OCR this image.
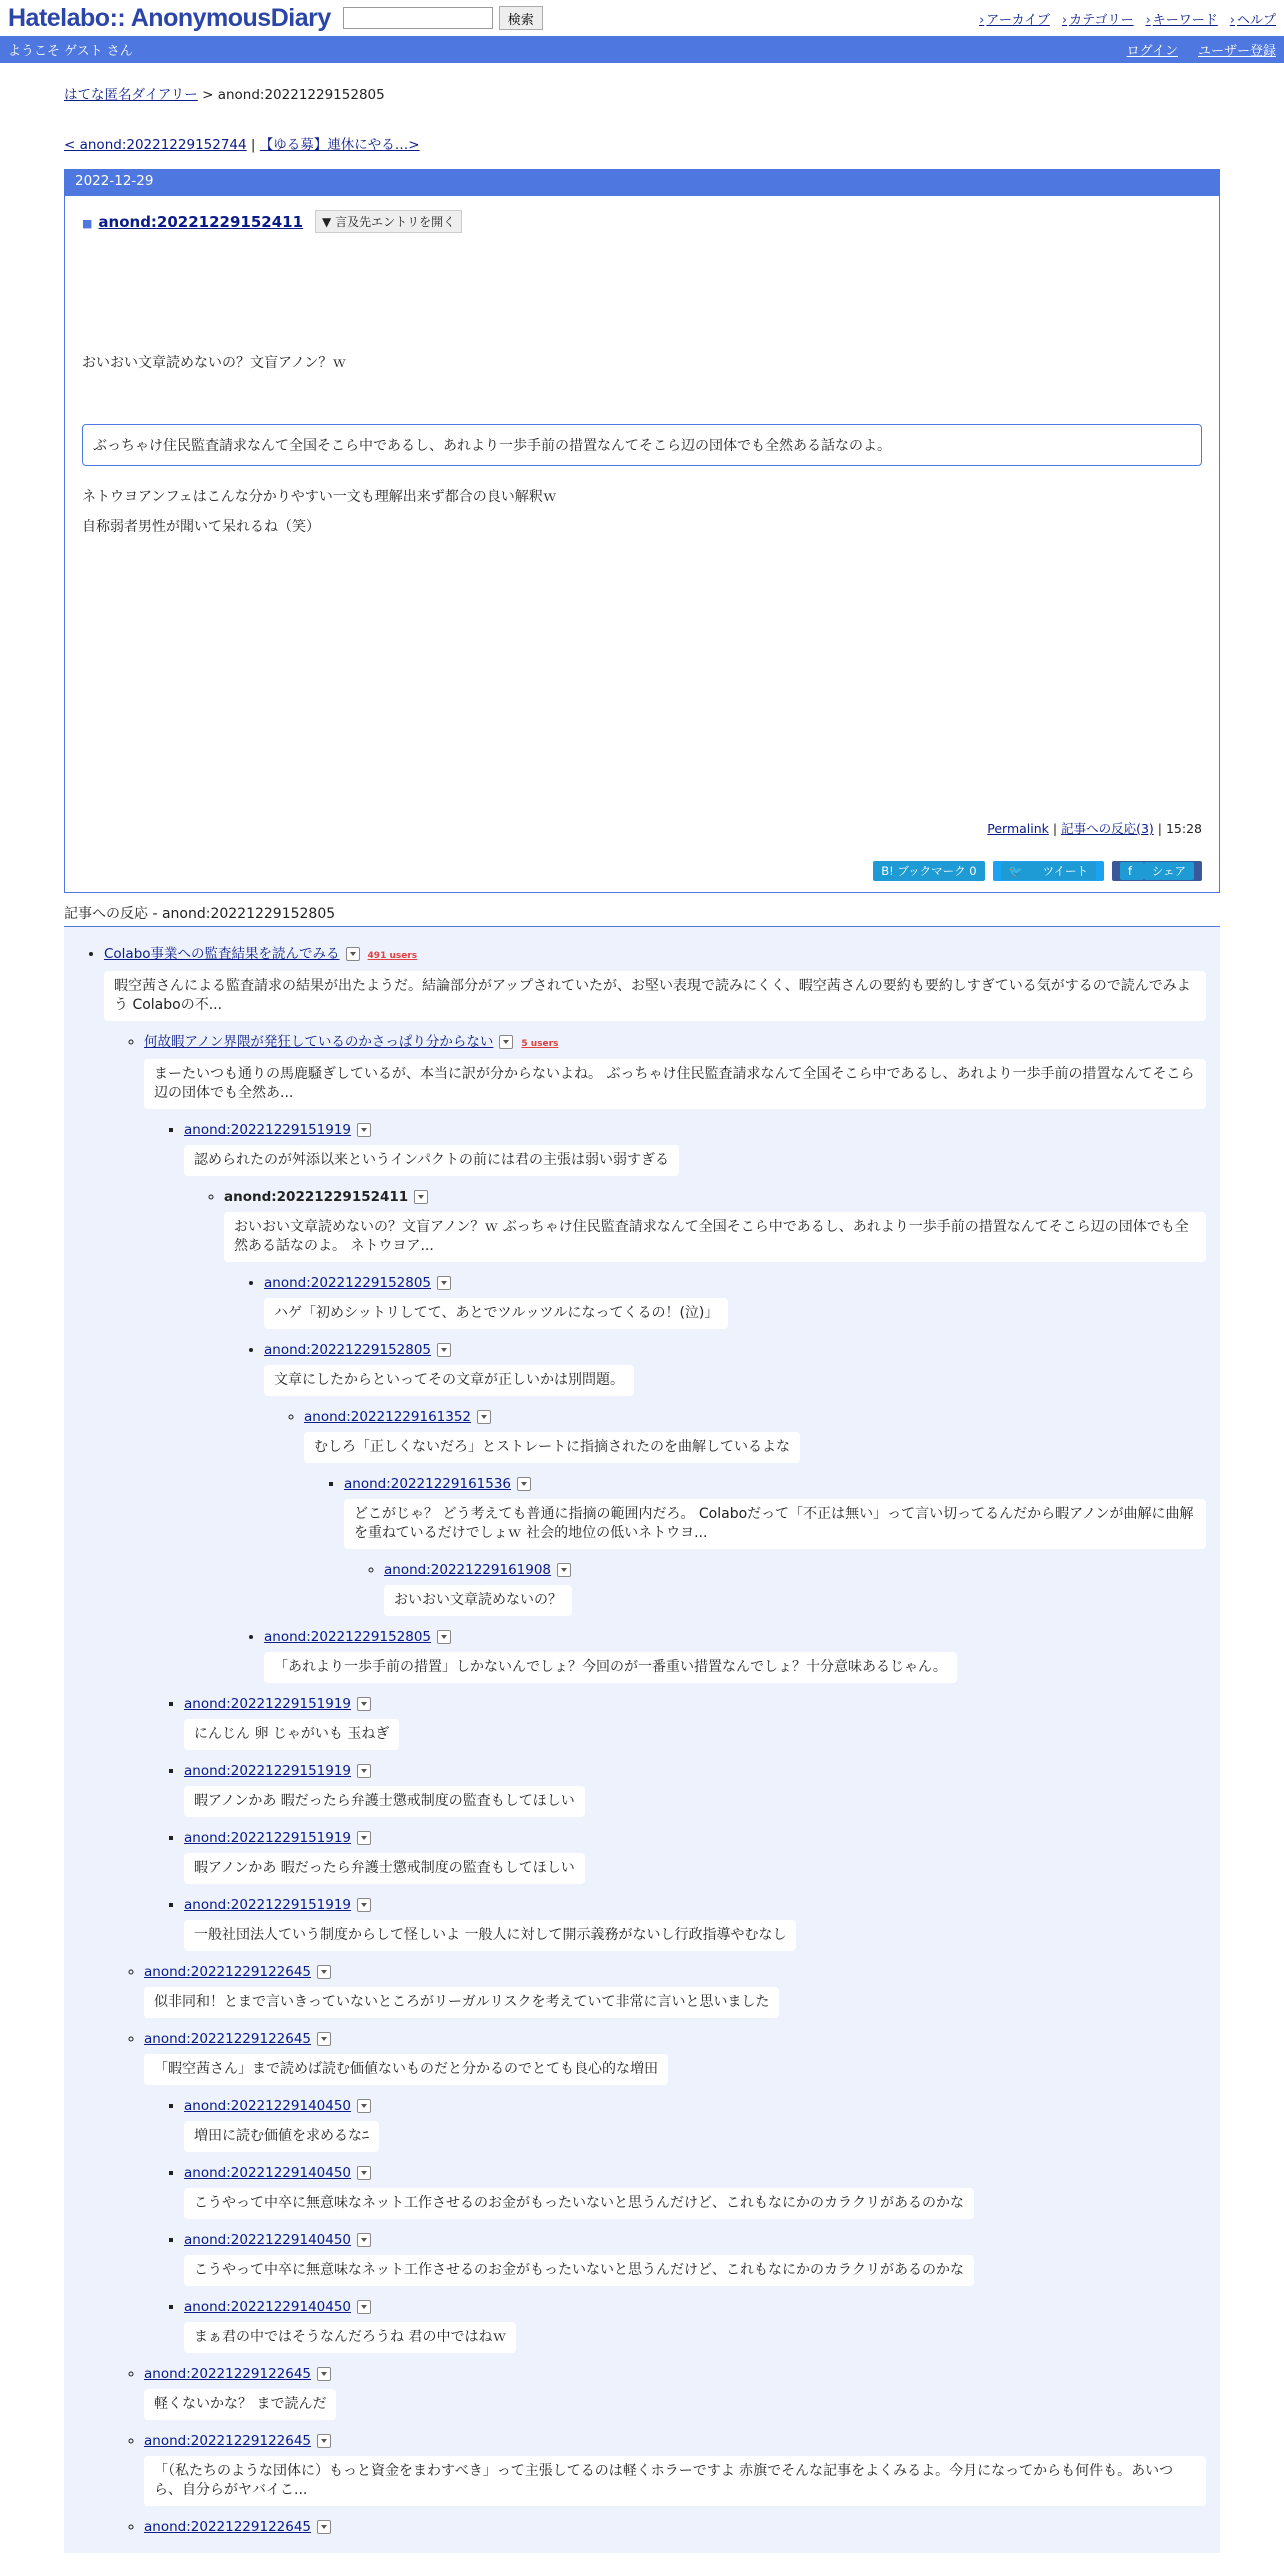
Hatelabo:: AnonymousDiary	検索	› アーカイブ	› カテゴリー	› キーワード	› ヘルプ
ようこそ ゲスト さん	ログイン ユーザー登録
はてな匿名ダイアリー > anond:20221229152805
< anond:20221229152744 | 【ゆる募】連休にやる…>
2022-12-29
■ anond:20221229152411	▼ 言及先エントリを開く
おいおい文章読めないの？文盲アノン？ｗ
ぶっちゃけ住民監査請求なんて全国そこら中であるし、あれより一歩手前の措置なんてそこら辺の団体でも全然ある話なのよ。
ネトウヨアンフェはこんな分かりやすい一文も理解出来ず都合の良い解釈ｗ
自称弱者男性が聞いて呆れるね（笑）
Permalink | 記事への反応(3) | 15:28
B! ブックマーク 0	🐦 ツイート	f シェア
記事への反応 - anond:20221229152805
• Colabo事業への監査結果を読んでみる	491 users
暇空茜さんによる監査請求の結果が出たようだ。結論部分がアップされていたが、お堅い表現で読みにくく、暇空茜さんの要約も要約しすぎている気がするので読んでみよう Colaboの不...
◦ 何故暇アノン界隈が発狂しているのかさっぱり分からない	5 users
まーたいつも通りの馬鹿騒ぎしているが、本当に訳が分からないよね。 ぶっちゃけ住民監査請求なんて全国そこら中であるし、あれより一歩手前の措置なんてそこら辺の団体でも全然あ...
▪ anond:20221229151919
認められたのが舛添以来というインパクトの前には君の主張は弱い弱すぎる
◦ anond:20221229152411
おいおい文章読めないの？文盲アノン？ｗ ぶっちゃけ住民監査請求なんて全国そこら中であるし、あれより一歩手前の措置なんてそこら辺の団体でも全然ある話なのよ。 ネトウヨア...
• anond:20221229152805
ハゲ「初めシットリしてて、あとでツルッツルになってくるの！(泣)」
• anond:20221229152805
文章にしたからといってその文章が正しいかは別問題。
◦ anond:20221229161352
むしろ「正しくないだろ」とストレートに指摘されたのを曲解しているよな
▪ anond:20221229161536
どこがじゃ？ どう考えても普通に指摘の範囲内だろ。 Colaboだって「不正は無い」って言い切ってるんだから暇アノンが曲解に曲解を重ねているだけでしょｗ 社会的地位の低いネトウヨ...
◦ anond:20221229161908
おいおい文章読めないの？
• anond:20221229152805
「あれより一歩手前の措置」しかないんでしょ？今回のが一番重い措置なんでしょ？十分意味あるじゃん。
▪ anond:20221229151919
にんじん 卵 じゃがいも 玉ねぎ
▪ anond:20221229151919
暇アノンかあ 暇だったら弁護士懲戒制度の監査もしてほしい
▪ anond:20221229151919
暇アノンかあ 暇だったら弁護士懲戒制度の監査もしてほしい
▪ anond:20221229151919
一般社団法人ていう制度からして怪しいよ 一般人に対して開示義務がないし行政指導やむなし
◦ anond:20221229122645
似非同和！とまで言いきっていないところがリーガルリスクを考えていて非常に言いと思いました
◦ anond:20221229122645
「暇空茜さん」まで読めば読む価値ないものだと分かるのでとても良心的な増田
▪ anond:20221229140450
増田に読む価値を求めるなﾆ
▪ anond:20221229140450
こうやって中卒に無意味なネット工作させるのお金がもったいないと思うんだけど、これもなにかのカラクリがあるのかな
▪ anond:20221229140450
こうやって中卒に無意味なネット工作させるのお金がもったいないと思うんだけど、これもなにかのカラクリがあるのかな
▪ anond:20221229140450
まぁ君の中ではそうなんだろうね 君の中ではねｗ
◦ anond:20221229122645
軽くないかな？ まで読んだ
◦ anond:20221229122645
「（私たちのような団体に）もっと資金をまわすべき」って主張してるのは軽くホラーですよ 赤旗でそんな記事をよくみるよ。今月になってからも何件も。あいつら、自分らがヤバイこ...
◦ anond:20221229122645
